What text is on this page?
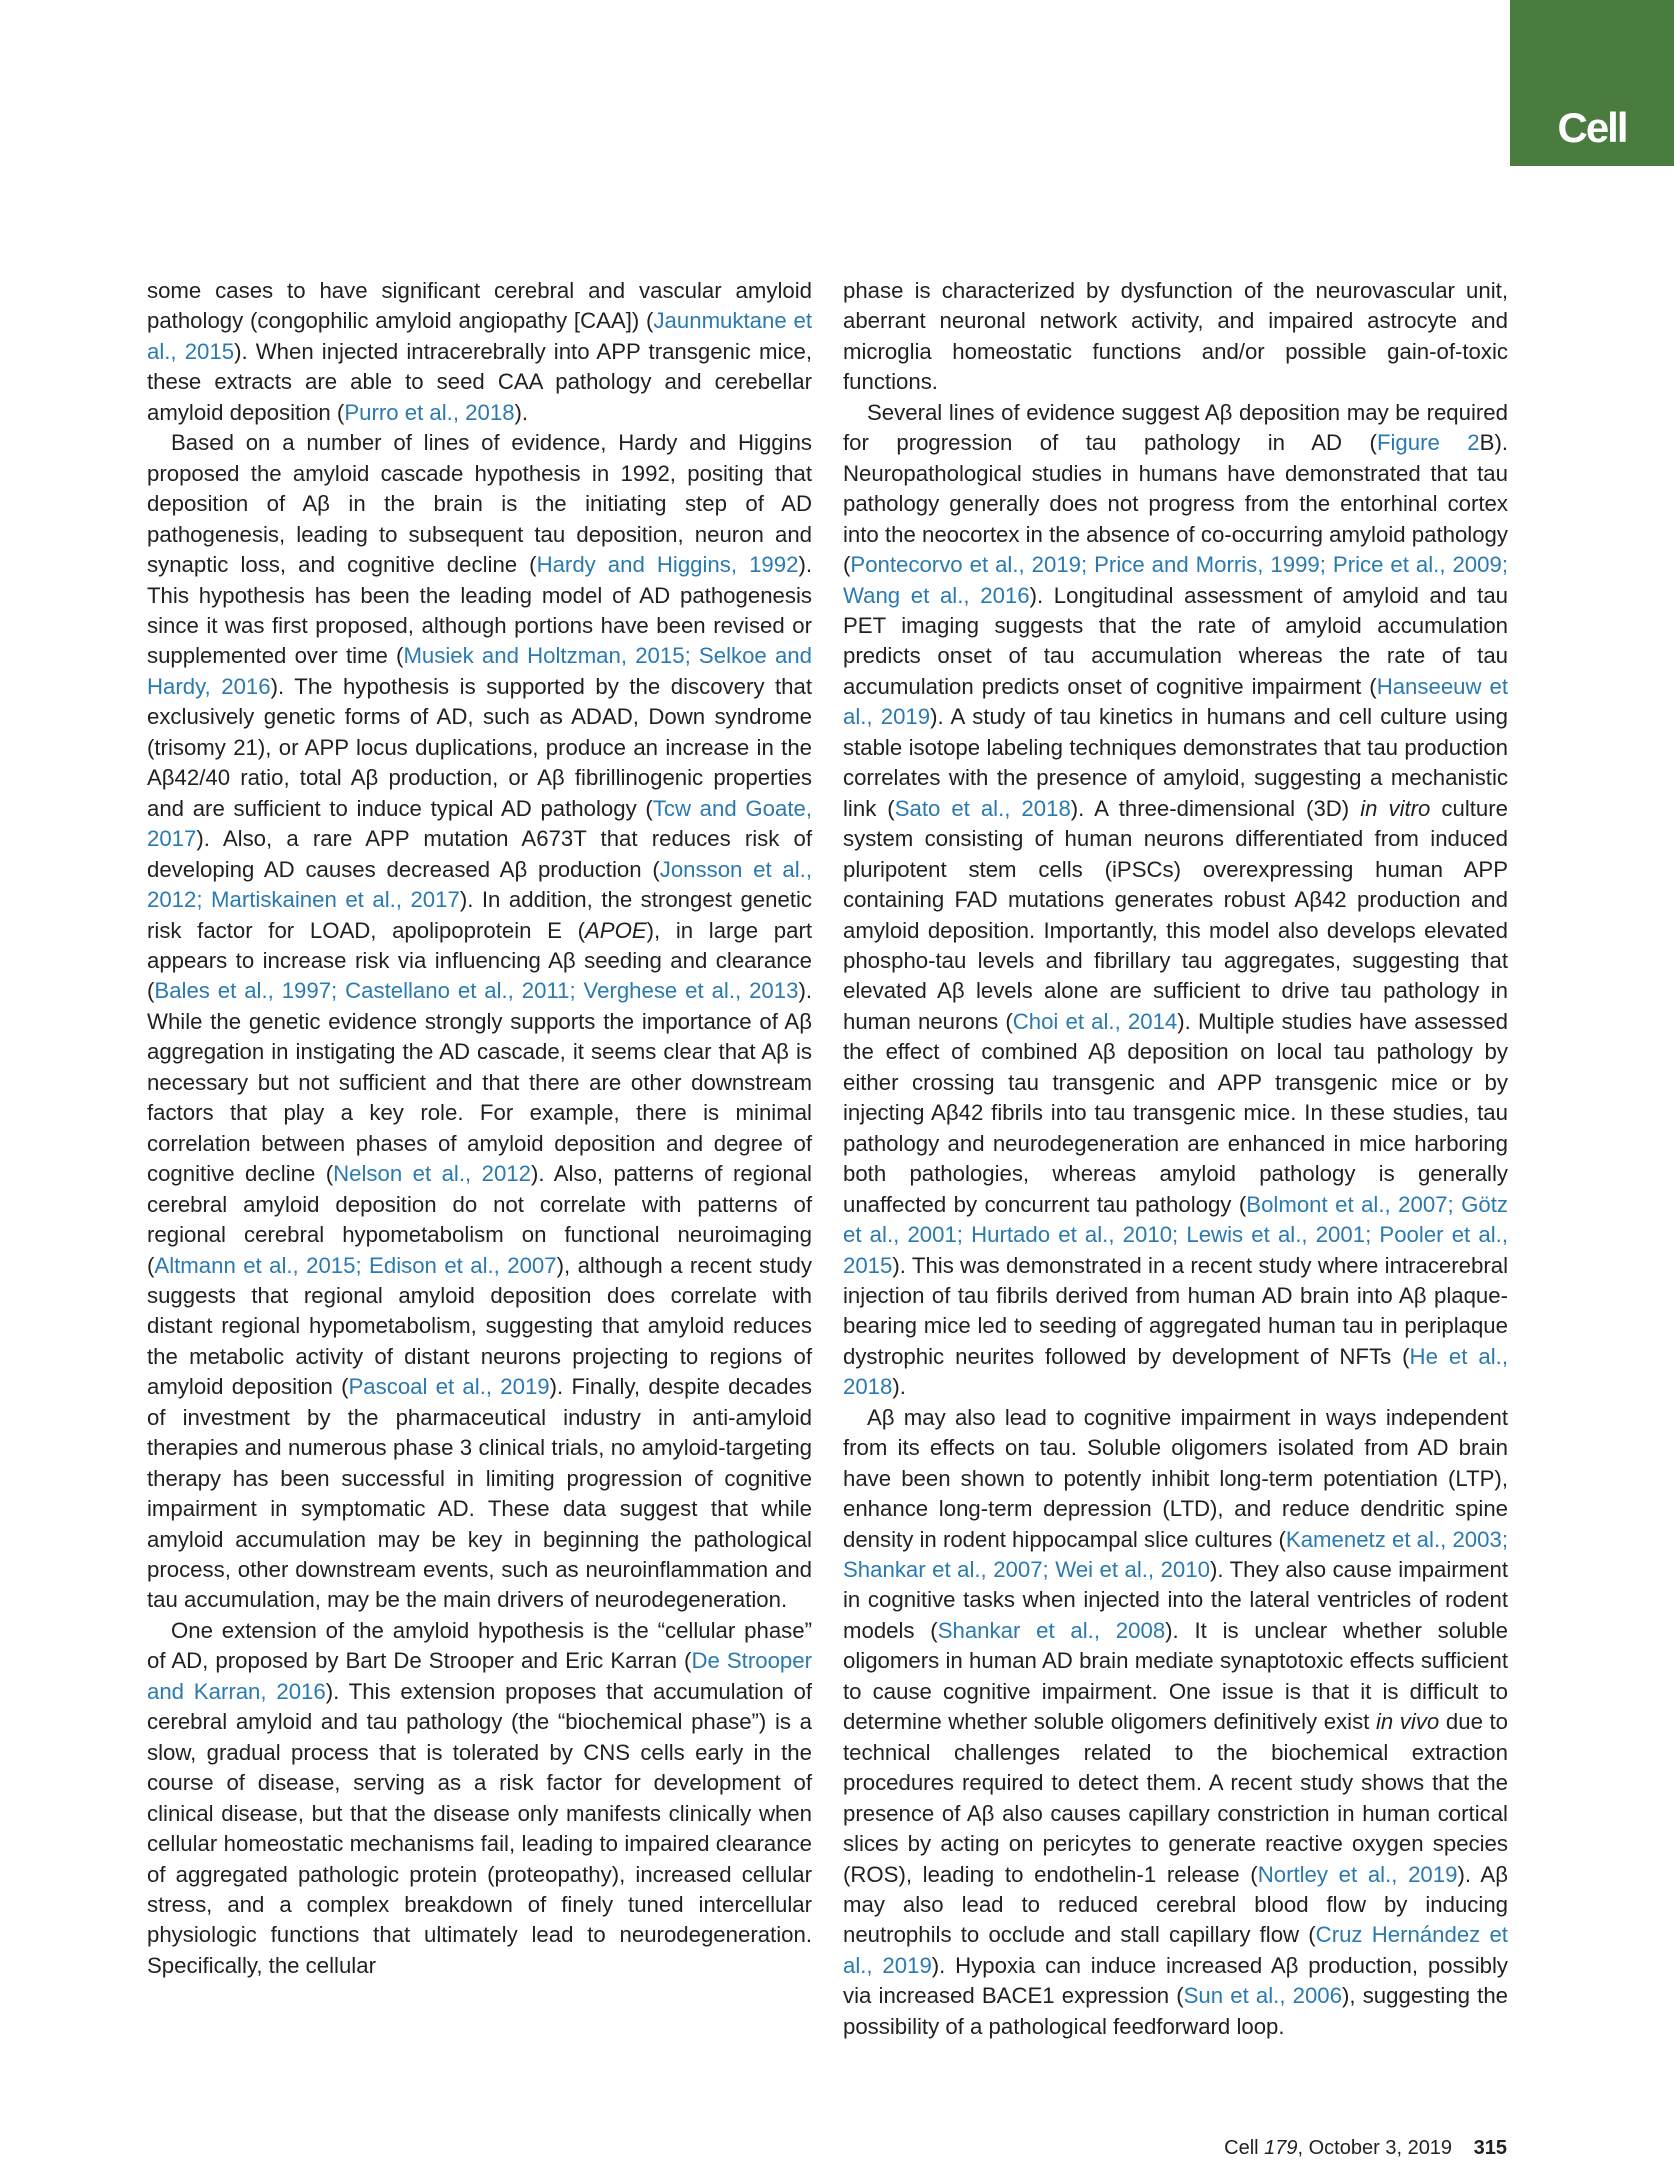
Cell

some cases to have significant cerebral and vascular amyloid pathology (congophilic amyloid angiopathy [CAA]) (Jaunmuktane et al., 2015). When injected intracerebrally into APP transgenic mice, these extracts are able to seed CAA pathology and cerebellar amyloid deposition (Purro et al., 2018).

Based on a number of lines of evidence, Hardy and Higgins proposed the amyloid cascade hypothesis in 1992, positing that deposition of Aβ in the brain is the initiating step of AD pathogenesis, leading to subsequent tau deposition, neuron and synaptic loss, and cognitive decline (Hardy and Higgins, 1992). This hypothesis has been the leading model of AD pathogenesis since it was first proposed, although portions have been revised or supplemented over time (Musiek and Holtzman, 2015; Selkoe and Hardy, 2016). The hypothesis is supported by the discovery that exclusively genetic forms of AD, such as ADAD, Down syndrome (trisomy 21), or APP locus duplications, produce an increase in the Aβ42/40 ratio, total Aβ production, or Aβ fibrillinogenic properties and are sufficient to induce typical AD pathology (Tcw and Goate, 2017). Also, a rare APP mutation A673T that reduces risk of developing AD causes decreased Aβ production (Jonsson et al., 2012; Martiskainen et al., 2017). In addition, the strongest genetic risk factor for LOAD, apolipoprotein E (APOE), in large part appears to increase risk via influencing Aβ seeding and clearance (Bales et al., 1997; Castellano et al., 2011; Verghese et al., 2013). While the genetic evidence strongly supports the importance of Aβ aggregation in instigating the AD cascade, it seems clear that Aβ is necessary but not sufficient and that there are other downstream factors that play a key role. For example, there is minimal correlation between phases of amyloid deposition and degree of cognitive decline (Nelson et al., 2012). Also, patterns of regional cerebral amyloid deposition do not correlate with patterns of regional cerebral hypometabolism on functional neuroimaging (Altmann et al., 2015; Edison et al., 2007), although a recent study suggests that regional amyloid deposition does correlate with distant regional hypometabolism, suggesting that amyloid reduces the metabolic activity of distant neurons projecting to regions of amyloid deposition (Pascoal et al., 2019). Finally, despite decades of investment by the pharmaceutical industry in anti-amyloid therapies and numerous phase 3 clinical trials, no amyloid-targeting therapy has been successful in limiting progression of cognitive impairment in symptomatic AD. These data suggest that while amyloid accumulation may be key in beginning the pathological process, other downstream events, such as neuroinflammation and tau accumulation, may be the main drivers of neurodegeneration.

One extension of the amyloid hypothesis is the “cellular phase” of AD, proposed by Bart De Strooper and Eric Karran (De Strooper and Karran, 2016). This extension proposes that accumulation of cerebral amyloid and tau pathology (the “biochemical phase”) is a slow, gradual process that is tolerated by CNS cells early in the course of disease, serving as a risk factor for development of clinical disease, but that the disease only manifests clinically when cellular homeostatic mechanisms fail, leading to impaired clearance of aggregated pathologic protein (proteopathy), increased cellular stress, and a complex breakdown of finely tuned intercellular physiologic functions that ultimately lead to neurodegeneration. Specifically, the cellular

phase is characterized by dysfunction of the neurovascular unit, aberrant neuronal network activity, and impaired astrocyte and microglia homeostatic functions and/or possible gain-of-toxic functions.

Several lines of evidence suggest Aβ deposition may be required for progression of tau pathology in AD (Figure 2B). Neuropathological studies in humans have demonstrated that tau pathology generally does not progress from the entorhinal cortex into the neocortex in the absence of co-occurring amyloid pathology (Pontecorvo et al., 2019; Price and Morris, 1999; Price et al., 2009; Wang et al., 2016). Longitudinal assessment of amyloid and tau PET imaging suggests that the rate of amyloid accumulation predicts onset of tau accumulation whereas the rate of tau accumulation predicts onset of cognitive impairment (Hanseeuw et al., 2019). A study of tau kinetics in humans and cell culture using stable isotope labeling techniques demonstrates that tau production correlates with the presence of amyloid, suggesting a mechanistic link (Sato et al., 2018). A three-dimensional (3D) in vitro culture system consisting of human neurons differentiated from induced pluripotent stem cells (iPSCs) overexpressing human APP containing FAD mutations generates robust Aβ42 production and amyloid deposition. Importantly, this model also develops elevated phospho-tau levels and fibrillary tau aggregates, suggesting that elevated Aβ levels alone are sufficient to drive tau pathology in human neurons (Choi et al., 2014). Multiple studies have assessed the effect of combined Aβ deposition on local tau pathology by either crossing tau transgenic and APP transgenic mice or by injecting Aβ42 fibrils into tau transgenic mice. In these studies, tau pathology and neurodegeneration are enhanced in mice harboring both pathologies, whereas amyloid pathology is generally unaffected by concurrent tau pathology (Bolmont et al., 2007; Götz et al., 2001; Hurtado et al., 2010; Lewis et al., 2001; Pooler et al., 2015). This was demonstrated in a recent study where intracerebral injection of tau fibrils derived from human AD brain into Aβ plaque-bearing mice led to seeding of aggregated human tau in periplaque dystrophic neurites followed by development of NFTs (He et al., 2018).

Aβ may also lead to cognitive impairment in ways independent from its effects on tau. Soluble oligomers isolated from AD brain have been shown to potently inhibit long-term potentiation (LTP), enhance long-term depression (LTD), and reduce dendritic spine density in rodent hippocampal slice cultures (Kamenetz et al., 2003; Shankar et al., 2007; Wei et al., 2010). They also cause impairment in cognitive tasks when injected into the lateral ventricles of rodent models (Shankar et al., 2008). It is unclear whether soluble oligomers in human AD brain mediate synaptotoxic effects sufficient to cause cognitive impairment. One issue is that it is difficult to determine whether soluble oligomers definitively exist in vivo due to technical challenges related to the biochemical extraction procedures required to detect them. A recent study shows that the presence of Aβ also causes capillary constriction in human cortical slices by acting on pericytes to generate reactive oxygen species (ROS), leading to endothelin-1 release (Nortley et al., 2019). Aβ may also lead to reduced cerebral blood flow by inducing neutrophils to occlude and stall capillary flow (Cruz Hernández et al., 2019). Hypoxia can induce increased Aβ production, possibly via increased BACE1 expression (Sun et al., 2006), suggesting the possibility of a pathological feedforward loop.

Cell 179, October 3, 2019 315
